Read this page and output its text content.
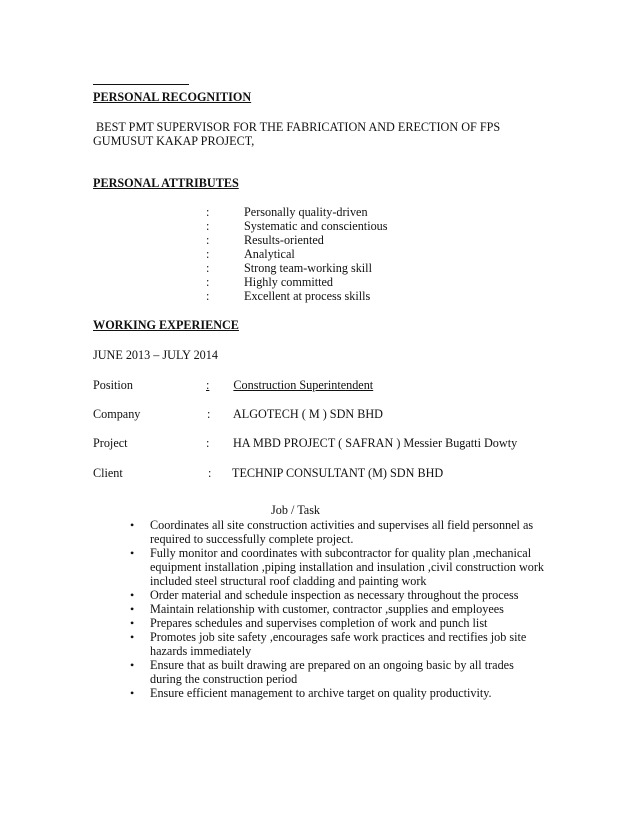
PERSONAL RECOGNITION
BEST PMT SUPERVISOR FOR THE FABRICATION AND ERECTION OF FPS
GUMUSUT KAKAP PROJECT,
PERSONAL ATTRIBUTES
:	Personally quality-driven
:	Systematic and conscientious
:	Results-oriented
:	Analytical
:	Strong team-working skill
:	Highly committed
:	Excellent at process skills
WORKING EXPERIENCE
JUNE 2013 – JULY 2014
Position	: Construction Superintendent
Company	: ALGOTECH ( M ) SDN BHD
Project	: HA MBD PROJECT ( SAFRAN ) Messier Bugatti Dowty
Client	: TECHNIP CONSULTANT (M) SDN BHD
Job / Task
• Coordinates all site construction activities and supervises all field personnel as required to successfully complete project.
• Fully monitor and coordinates with subcontractor for quality plan ,mechanical equipment installation ,piping installation and insulation ,civil construction work included steel structural roof cladding and painting work
• Order material and schedule inspection as necessary throughout the process
• Maintain relationship with customer, contractor ,supplies and employees
• Prepares schedules and supervises completion of work and punch list
• Promotes job site safety ,encourages safe work practices and rectifies job site hazards immediately
• Ensure that as built drawing are prepared on an ongoing basic by all trades during the construction period
• Ensure efficient management to archive target on quality productivity.
